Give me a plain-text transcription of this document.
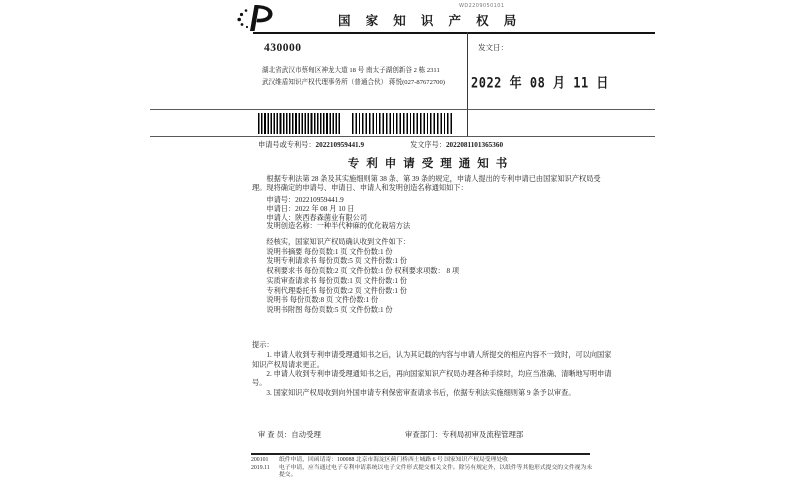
WD2209050101
国 家 知 识 产 权 局
发文日：
2022 年 08 月 11 日
430000
湖北省武汉市蔡甸区神龙大道 18 号 南太子湖创新谷 2 栋 2311
武汉维盾知识产权代理事务所（普通合伙） 蒋悦(027-87672700)
申请号或专利号：202210959441.9	发文序号：2022081101365360
专利申请受理通知书

根据专利法第 28 条及其实施细则第 38 条、第 39 条的规定，申请人提出的专利申请已由国家知识产权局受理。现将确定的申请号、申请日、申请人和发明创造名称通知如下：

申请号：202210959441.9
申请日：2022 年 08 月 10 日
申请人：陕西春森菌业有限公司
发明创造名称：一种半代种麻的优化栽培方法
经核实，国家知识产权局确认收到文件如下：
说明书摘要 每份页数:1 页 文件份数:1 份
发明专利请求书 每份页数:5 页 文件份数:1 份
权利要求书 每份页数:2 页 文件份数:1 份 权利要求项数： 8 项
实质审查请求书 每份页数:1 页 文件份数:1 份
专利代理委托书 每份页数:2 页 文件份数:1 份
说明书 每份页数:8 页 文件份数:1 份
说明书附图 每份页数:5 页 文件份数:1 份
提示：

1. 申请人收到专利申请受理通知书之后，认为其记载的内容与申请人所提交的相应内容不一致时，可以向国家知识产权局请求更正。

2. 申请人收到专利申请受理通知书之后，再向国家知识产权局办理各种手续时，均应当准确、清晰地写明申请号。

3. 国家知识产权局收到向外国申请专利保密审查请求书后，依据专利法实施细则第 9 条予以审查。

审 查 员：自动受理	审查部门：专利局初审及流程管理部
200101	纸件申请，回函请寄：100088 北京市海淀区蓟门桥西土城路 6 号 国家知识产权局受理处收
2019.11	电子申请，应当通过电子专利申请系统以电子文件形式提交相关文件。除另有规定外，以纸件等其他形式提交的文件视为未提交。
